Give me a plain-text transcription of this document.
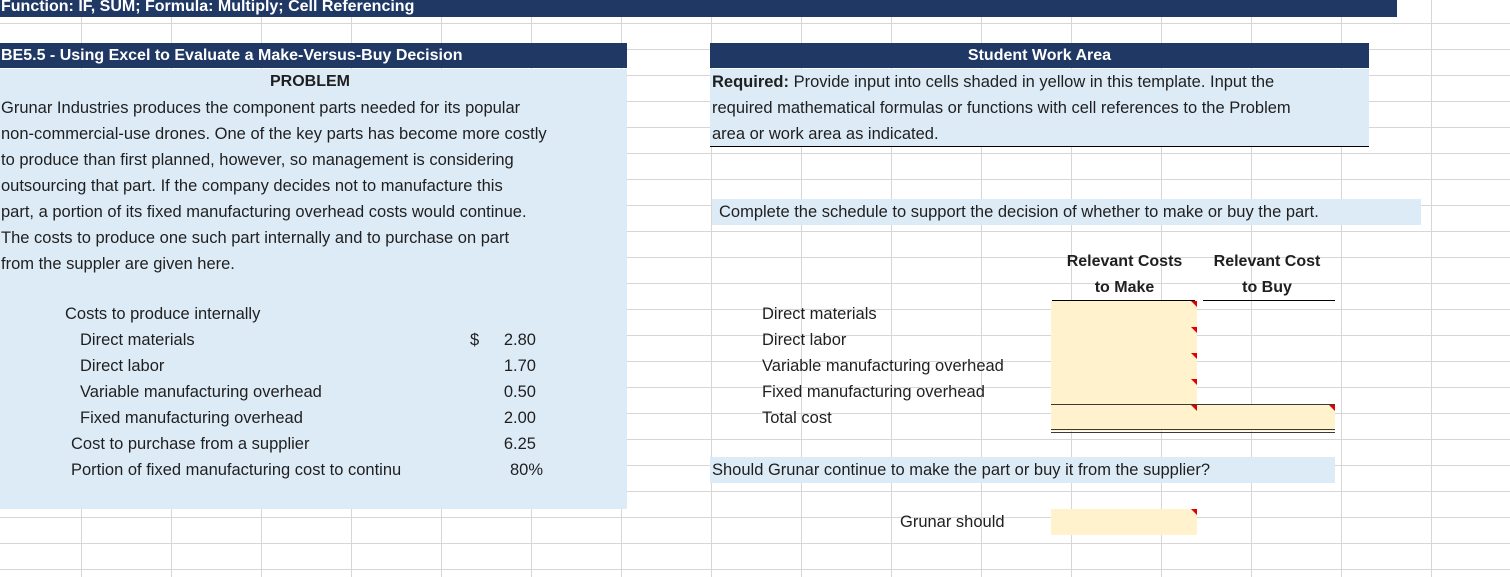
Function: IF, SUM; Formula: Multiply; Cell Referencing
BE5.5 - Using Excel to Evaluate a Make-Versus-Buy Decision
PROBLEM
Grunar Industries produces the component parts needed for its popular
non-commercial-use drones. One of the key parts has become more costly
to produce than first planned, however, so management is considering
outsourcing that part. If the company decides not to manufacture this
part, a portion of its fixed manufacturing overhead costs would continue.
The costs to produce one such part internally and to purchase on part
from the suppler are given here.
Costs to produce internally
Direct materials	$	2.80
Direct labor	1.70
Variable manufacturing overhead	0.50
Fixed manufacturing overhead	2.00
Cost to purchase from a supplier	6.25
Portion of fixed manufacturing cost to continu	80%
Student Work Area
Required: Provide input into cells shaded in yellow in this template. Input the
required mathematical formulas or functions with cell references to the Problem
area or work area as indicated.
Complete the schedule to support the decision of whether to make or buy the part.
Relevant Costs
to Make
Relevant Cost
to Buy
Direct materials
Direct labor
Variable manufacturing overhead
Fixed manufacturing overhead
Total cost
Should Grunar continue to make the part or buy it from the supplier?
Grunar should
